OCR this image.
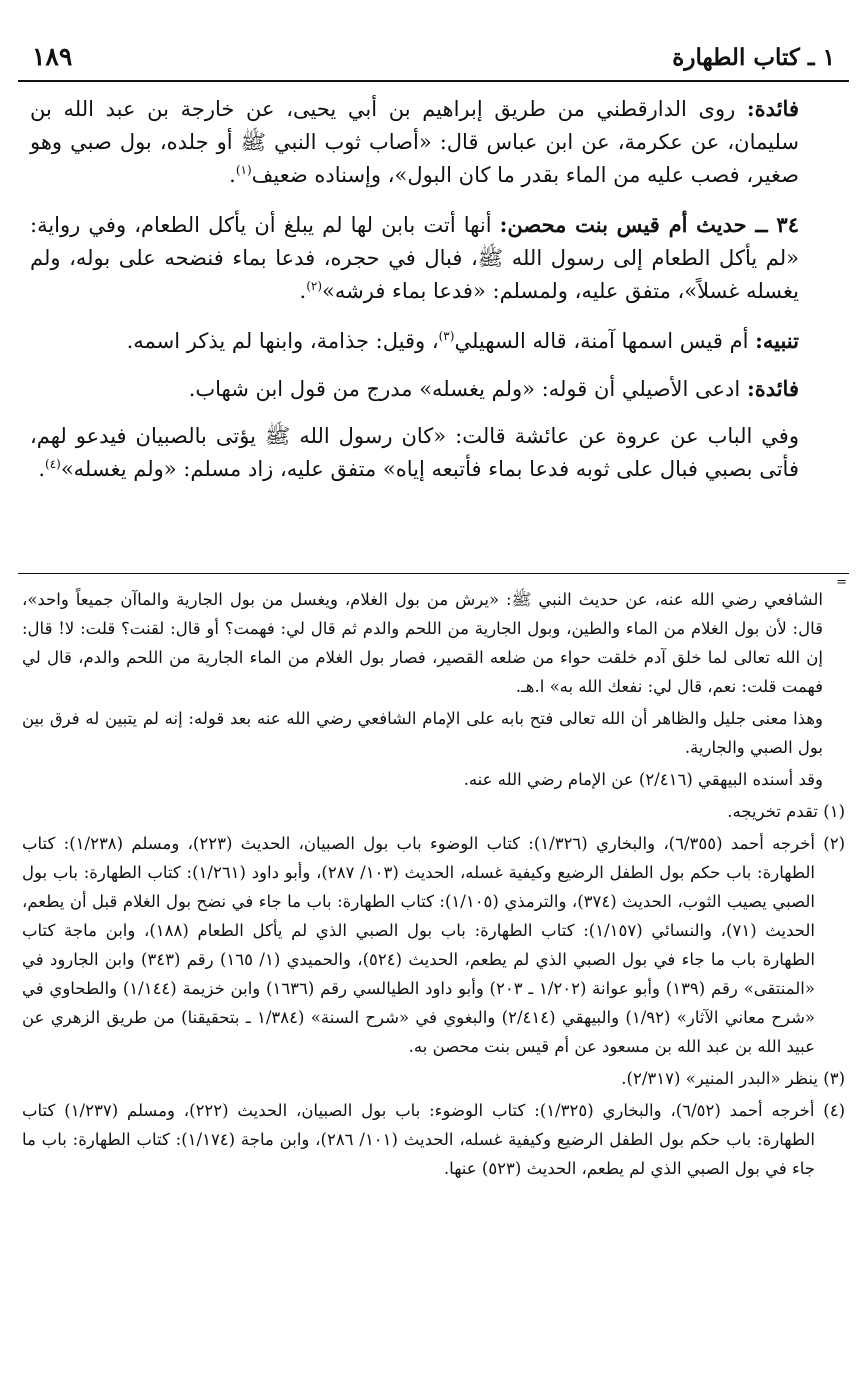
١ ـ كتاب الطهارة
١٨٩

فائدة: روى الدارقطني من طريق إبراهيم بن أبي يحيى، عن خارجة بن عبد الله بن سليمان، عن عكرمة، عن ابن عباس قال: «أصاب ثوب النبي ﷺ أو جلده، بول صبي وهو صغير، فصب عليه من الماء بقدر ما كان البول»، وإسناده ضعيف$^{(١)}$.

٣٤ ــ حديث أم قيس بنت محصن: أنها أتت بابن لها لم يبلغ أن يأكل الطعام، وفي رواية: «لم يأكل الطعام إلى رسول الله ﷺ، فبال في حجره، فدعا بماء فنضحه على بوله، ولم يغسله غسلاً»، متفق عليه، ولمسلم: «فدعا بماء فرشه»$^{(٢)}$.

تنبيه: أم قيس اسمها آمنة، قاله السهيلي$^{(٣)}$، وقيل: جذامة، وابنها لم يذكر اسمه.

فائدة: ادعى الأصيلي أن قوله: «ولم يغسله» مدرج من قول ابن شهاب.

وفي الباب عن عروة عن عائشة قالت: «كان رسول الله ﷺ يؤتى بالصبيان فيدعو لهم، فأتى بصبي فبال على ثوبه فدعا بماء فأتبعه إياه» متفق عليه، زاد مسلم: «ولم يغسله»$^{(٤)}$.

=

الشافعي رضي الله عنه، عن حديث النبي ﷺ: «يرش من بول الغلام، ويغسل من بول الجارية والماآن جميعاً واحد»، قال: لأن بول الغلام من الماء والطين، وبول الجارية من اللحم والدم ثم قال لي: فهمت؟ أو قال: لقنت؟ قلت: لا! قال: إن الله تعالى لما خلق آدم خلقت حواء من ضلعه القصير، فصار بول الغلام من الماء الجارية من اللحم والدم، قال لي فهمت قلت: نعم، قال لي: نفعك الله به» ا.هـ.

وهذا معنى جليل والظاهر أن الله تعالى فتح بابه على الإمام الشافعي رضي الله عنه بعد قوله: إنه لم يتبين له فرق بين بول الصبي والجارية.

وقد أسنده البيهقي (٢/٤١٦) عن الإمام رضي الله عنه.

(١) تقدم تخريجه.

(٢) أخرجه أحمد (٦/٣٥٥)، والبخاري (١/٣٢٦): كتاب الوضوء باب بول الصبيان، الحديث (٢٢٣)، ومسلم (١/٢٣٨): كتاب الطهارة: باب حكم بول الطفل الرضيع وكيفية غسله، الحديث (١٠٣/ ٢٨٧)، وأبو داود (١/٢٦١): كتاب الطهارة: باب بول الصبي يصيب الثوب، الحديث (٣٧٤)، والترمذي (١/١٠٥): كتاب الطهارة: باب ما جاء في نضح بول الغلام قبل أن يطعم، الحديث (٧١)، والنسائي (١/١٥٧): كتاب الطهارة: باب بول الصبي الذي لم يأكل الطعام (١٨٨)، وابن ماجة كتاب الطهارة باب ما جاء في بول الصبي الذي لم يطعم، الحديث (٥٢٤)، والحميدي (١/ ١٦٥) رقم (٣٤٣) وابن الجارود في «المنتقى» رقم (١٣٩) وأبو عوانة (١/٢٠٢ ـ ٢٠٣) وأبو داود الطيالسي رقم (١٦٣٦) وابن خزيمة (١/١٤٤) والطحاوي في «شرح معاني الآثار» (١/٩٢) والبيهقي (٢/٤١٤) والبغوي في «شرح السنة» (١/٣٨٤ ـ بتحقيقنا) من طريق الزهري عن عبيد الله بن عبد الله بن مسعود عن أم قيس بنت محصن به.

(٣) ينظر «البدر المنير» (٢/٣١٧).

(٤) أخرجه أحمد (٦/٥٢)، والبخاري (١/٣٢٥): كتاب الوضوء: باب بول الصبيان، الحديث (٢٢٢)، ومسلم (١/٢٣٧) كتاب الطهارة: باب حكم بول الطفل الرضيع وكيفية غسله، الحديث (١٠١/ ٢٨٦)، وابن ماجة (١/١٧٤): كتاب الطهارة: باب ما جاء في بول الصبي الذي لم يطعم، الحديث (٥٢٣) عنها.
